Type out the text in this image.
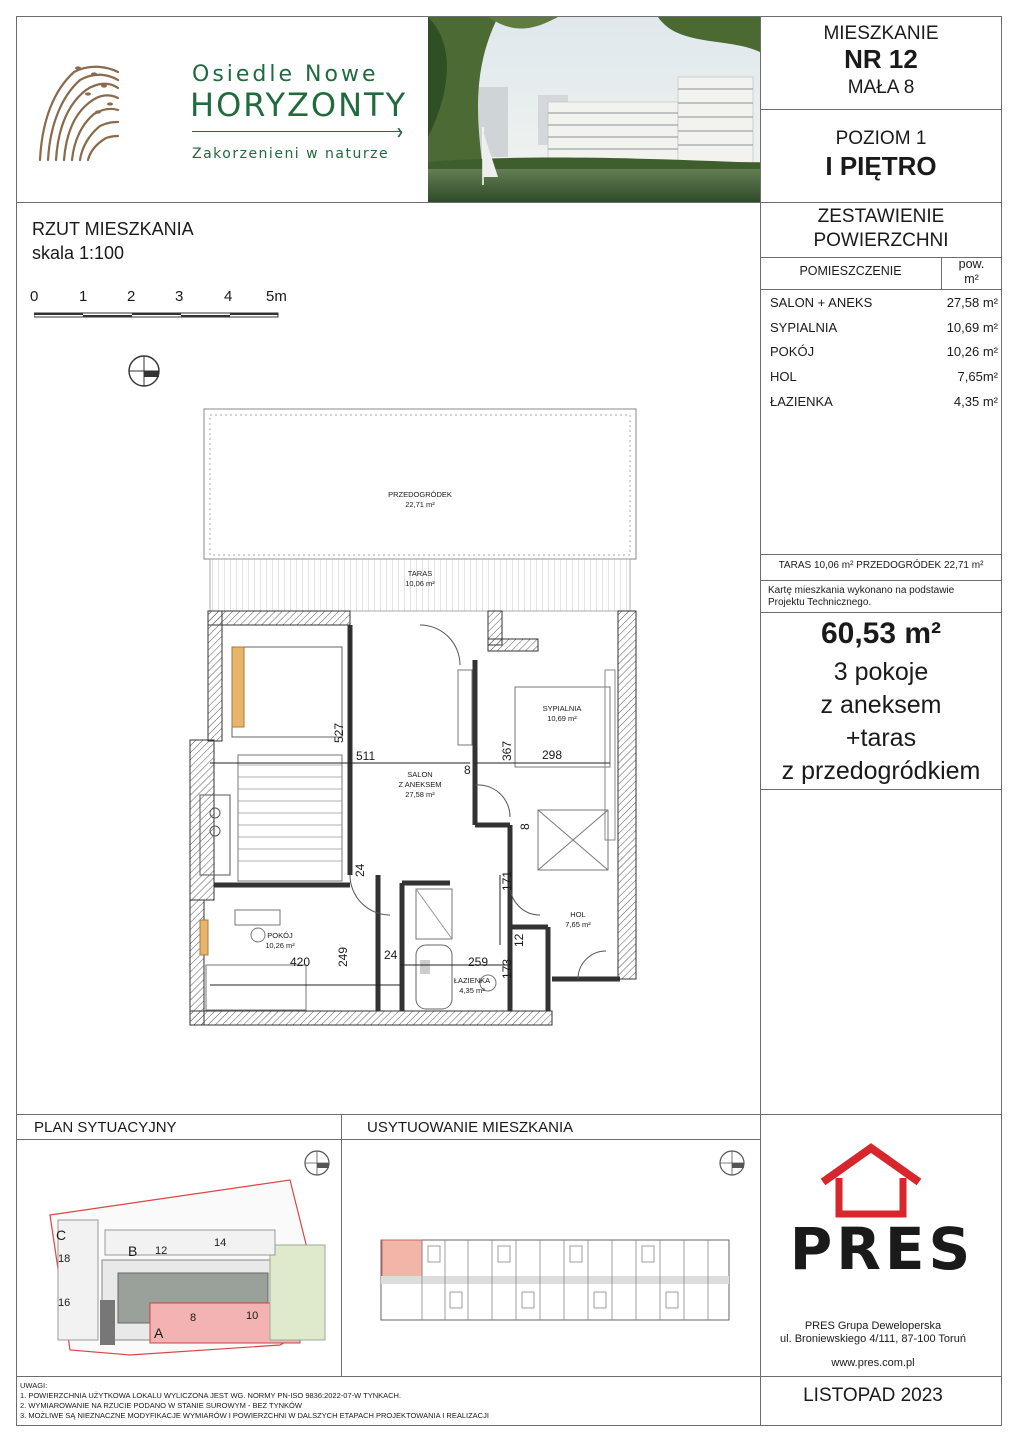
Osiedle Nowe
HORYZONTY
❯
Zakorzenieni w naturze
MIESZKANIE
NR 12
MAŁA 8
POZIOM 1
I PIĘTRO
ZESTAWIENIE
POWIERZCHNI
POMIESZCZENIE	pow.
m²
SALON + ANEKS	27,58 m²
SYPIALNIA	10,69 m²
POKÓJ	10,26 m²
HOL	7,65m²
ŁAZIENKA	4,35 m²
TARAS 10,06 m² PRZEDOGRÓDEK 22,71 m²
Kartę mieszkania wykonano na podstawie Projektu Technicznego.
60,53 m²
3 pokoje
z aneksem
+taras
z przedogródkiem
RZUT MIESZKANIA
skala 1:100
0	1	2	3	4 5m
PRZEDOGRÓDEK
22,71 m²
TARAS
10,06 m²
SALON
Z ANEKSEM
27,58 m²
SYPIALNIA
10,69 m²
POKÓJ
10,26 m²
HOL
7,65 m²
ŁAZIENKA
4,35 m²
527
511
8
367 298
8
24
171
12
173
259
24
249
420
PLAN SYTUACYJNY
C
18	B 12
14
16
8	10
A
USYTUOWANIE MIESZKANIA
PRES
PRES Grupa Deweloperska
ul. Broniewskiego 4/111, 87-100 Toruń
www.pres.com.pl
LISTOPAD 2023
UWAGI:
1. POWIERZCHNIA UŻYTKOWA LOKALU WYLICZONA JEST WG. NORMY PN-ISO 9836:2022-07-W TYNKACH.
2. WYMIAROWANIE NA RZUCIE PODANO W STANIE SUROWYM - BEZ TYNKÓW
3. MOŻLIWE SĄ NIEZNACZNE MODYFIKACJE WYMIARÓW I POWIERZCHNI W DALSZYCH ETAPACH PROJEKTOWANIA I REALIZACJI
